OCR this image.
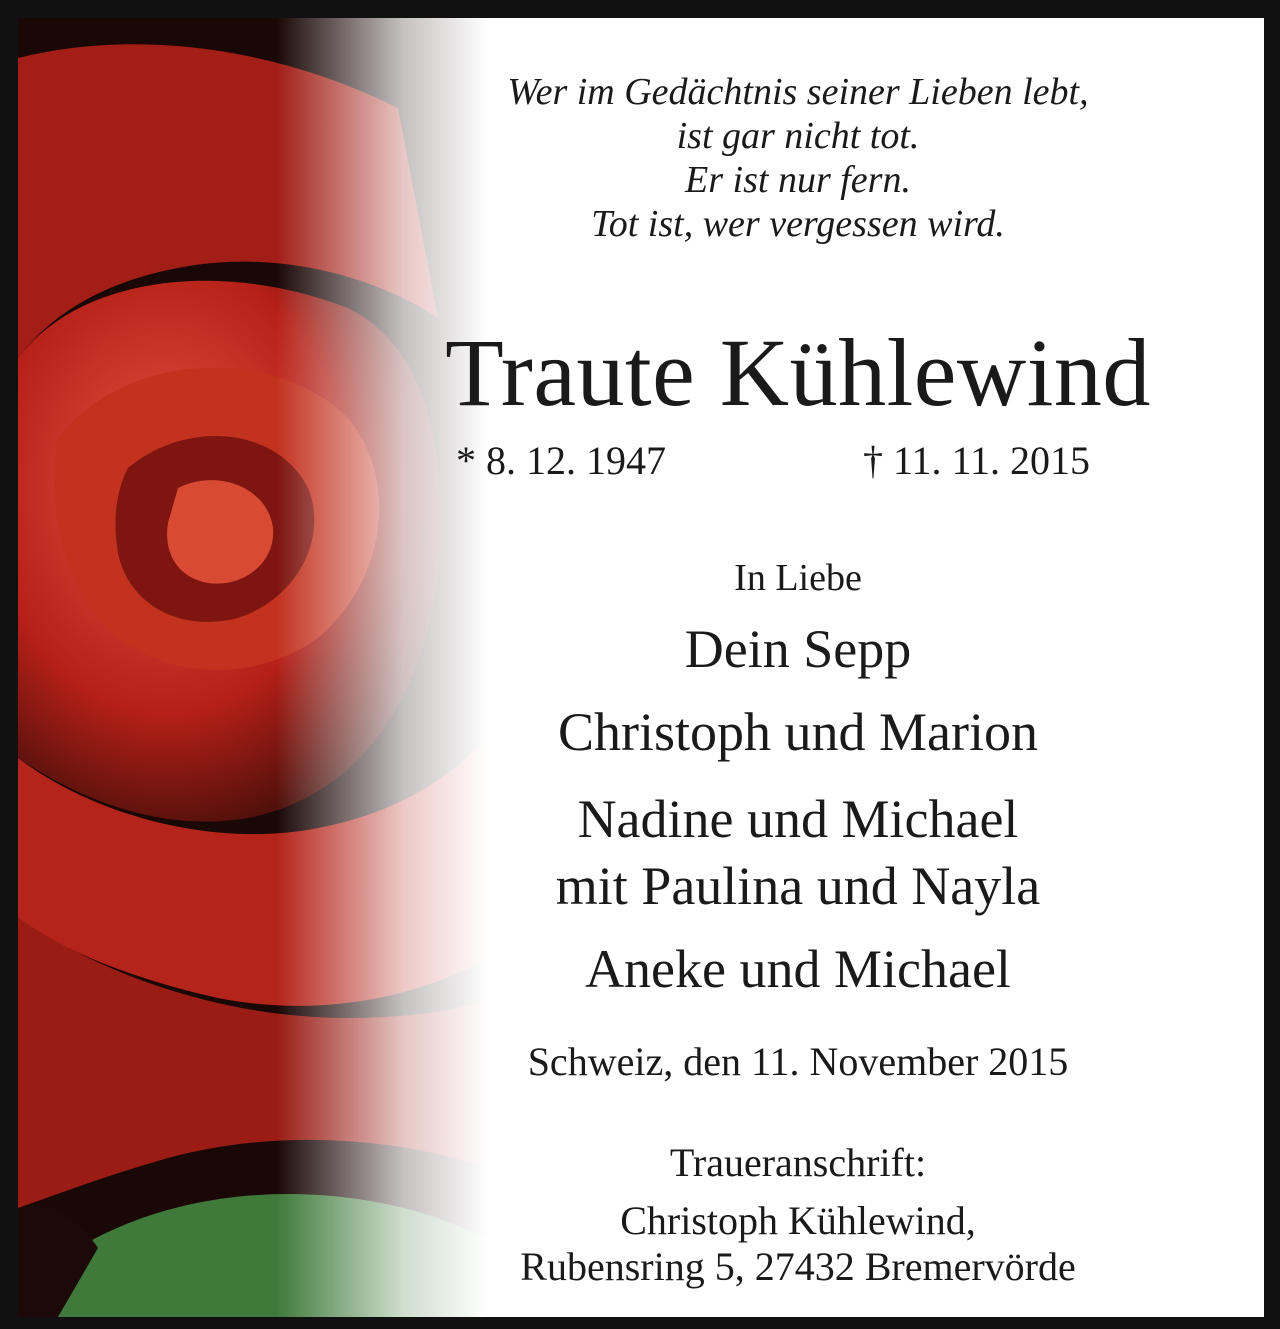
Wer im Gedächtnis seiner Lieben lebt,
ist gar nicht tot.
Er ist nur fern.
Tot ist, wer vergessen wird.
Traute Kühlewind
* 8. 12. 1947	† 11. 11. 2015
In Liebe
Dein Sepp
Christoph und Marion
Nadine und Michael
mit Paulina und Nayla
Aneke und Michael
Schweiz, den 11. November 2015
Traueranschrift:
Christoph Kühlewind,
Rubensring 5, 27432 Bremervörde
